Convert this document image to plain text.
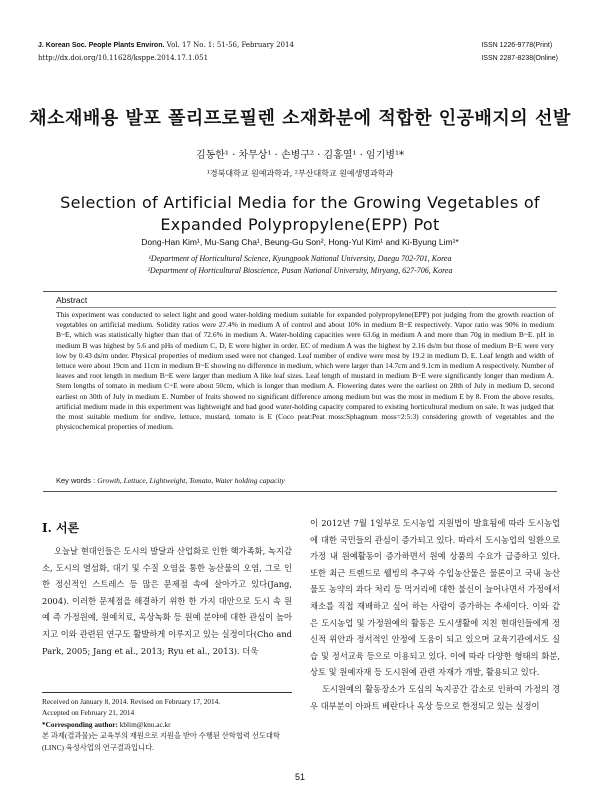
J. Korean Soc. People Plants Environ. Vol. 17 No. 1: 51-56, February 2014
http://dx.doi.org/10.11628/ksppe.2014.17.1.051
ISSN 1226-9778(Print)
ISSN 2287-8238(Online)
채소재배용 발포 폴리프로필렌 소재화분에 적합한 인공배지의 선발
김동한¹ · 차무상¹ · 손병구² · 김홍열¹ · 임기병¹*
¹경북대학교 원예과학과, ²부산대학교 원예생명과학과
Selection of Artificial Media for the Growing Vegetables of
Expanded Polypropylene(EPP) Pot
Dong-Han Kim¹, Mu-Sang Cha¹, Beung-Gu Son², Hong-Yul Kim¹ and Ki-Byung Lim¹*
¹Department of Horticultural Science, Kyungpook National University, Daegu 702-701, Korea
²Department of Horticultural Bioscience, Pusan National University, Miryang, 627-706, Korea
Abstract
This experiment was conducted to select light and good water-holding medium suitable for expanded polypropylene(EPP) pot judging from the growth reaction of vegetables on artificial medium. Solidity ratios were 27.4% in medium A of control and about 10% in medium B~E respectively. Vapor ratio was 90% in medium B~E, which was statistically higher than that of 72.6% in medium A. Water-holding capacities were 63.6g in medium A and more than 70g in medium B~E. pH in medium B was highest by 5.6 and pHs of medium C, D, E were higher in order. EC of medium A was the highest by 2.16 ds/m but those of medium B~E were very low by 0.43 ds/m under. Physical properties of medium used were not changed. Leaf number of endive were most by 19.2 in medium D, E. Leaf length and width of lettuce were about 19cm and 11cm in medium B~E showing no difference in medium, which were larger than 14.7cm and 9.1cm in medium A respectively. Number of leaves and root length in medium B~E were larger than medium A like leaf sizes. Leaf length of mustard in medium B~E were significantly longer than medium A. Stem lengths of tomato in medium C~E were about 50cm, which is longer than medium A. Flowering dates were the earliest on 28th of July in medium D, second earliest on 30th of July in medium E. Number of fruits showed no significant difference among medium but was the most in medium E by 8. From the above results, artificial medium made in this experiment was lightweight and had good water-holding capacity compared to existing horticultural medium on sale. It was judged that the most suitable medium for endive, lettuce, mustard, tomato is E (Coco peat:Peat moss:Sphagnum moss=2:5:3) considering growth of vegetables and the physicochemical properties of medium.
Key words : Growth, Lettuce, Lightweight, Tomato, Water holding capacity
Ⅰ. 서론
오늘날 현대인들은 도시의 발달과 산업화로 인한 핵가족화, 녹지감소, 도시의 열섬화, 대기 및 수질 오염을 통한 농산물의 오염, 그로 인한 정신적인 스트레스 등 많은 문제점 속에 살아가고 있다(Jang, 2004). 이러한 문제점을 해결하기 위한 한 가지 대안으로 도시 속 원예 즉 가정원예, 원예치료, 옥상녹화 등 원예 분야에 대한 관심이 높아지고 이와 관련된 연구도 활발하게 이루지고 있는 실정이다(Cho and Park, 2005; Jang et al., 2013; Ryu et al., 2013). 더욱
이 2012년 7월 1일부로 도시농업 지원법이 발효됨에 따라 도시농업에 대한 국민들의 관심이 증가되고 있다. 따라서 도시농업의 일환으로 가정 내 원예활동이 증가하면서 원예 상품의 수요가 급증하고 있다. 또한 최근 트렌드로 웰빙의 추구와 수입농산물은 물론이고 국내 농산물도 농약의 과다 처리 등 먹거리에 대한 불신이 늘어나면서 가정에서 채소를 직접 재배하고 싶어 하는 사람이 증가하는 추세이다. 이와 같은 도시농업 및 가정원예의 활동은 도시생활에 지친 현대인들에게 정신적 위안과 정서적인 안정에 도움이 되고 있으며 교육기관에서도 실습 및 정서교육 등으로 이용되고 있다. 이에 따라 다양한 형태의 화분, 상토 및 원예자재 등 도시원예 관련 자재가 개발, 활용되고 있다.
도시원예의 활동장소가 도심의 녹지공간 감소로 인하여 가정의 경우 대부분이 아파트 베란다나 옥상 등으로 한정되고 있는 실정이
Received on January 8, 2014. Revised on February 17, 2014.
Accepted on February 21, 2014
*Corresponding author: kblim@knu.ac.kr
본 과제(결과물)는 교육부의 재원으로 지원을 받아 수행된 산학협력 선도대학(LINC) 육성사업의 연구결과입니다.
51
